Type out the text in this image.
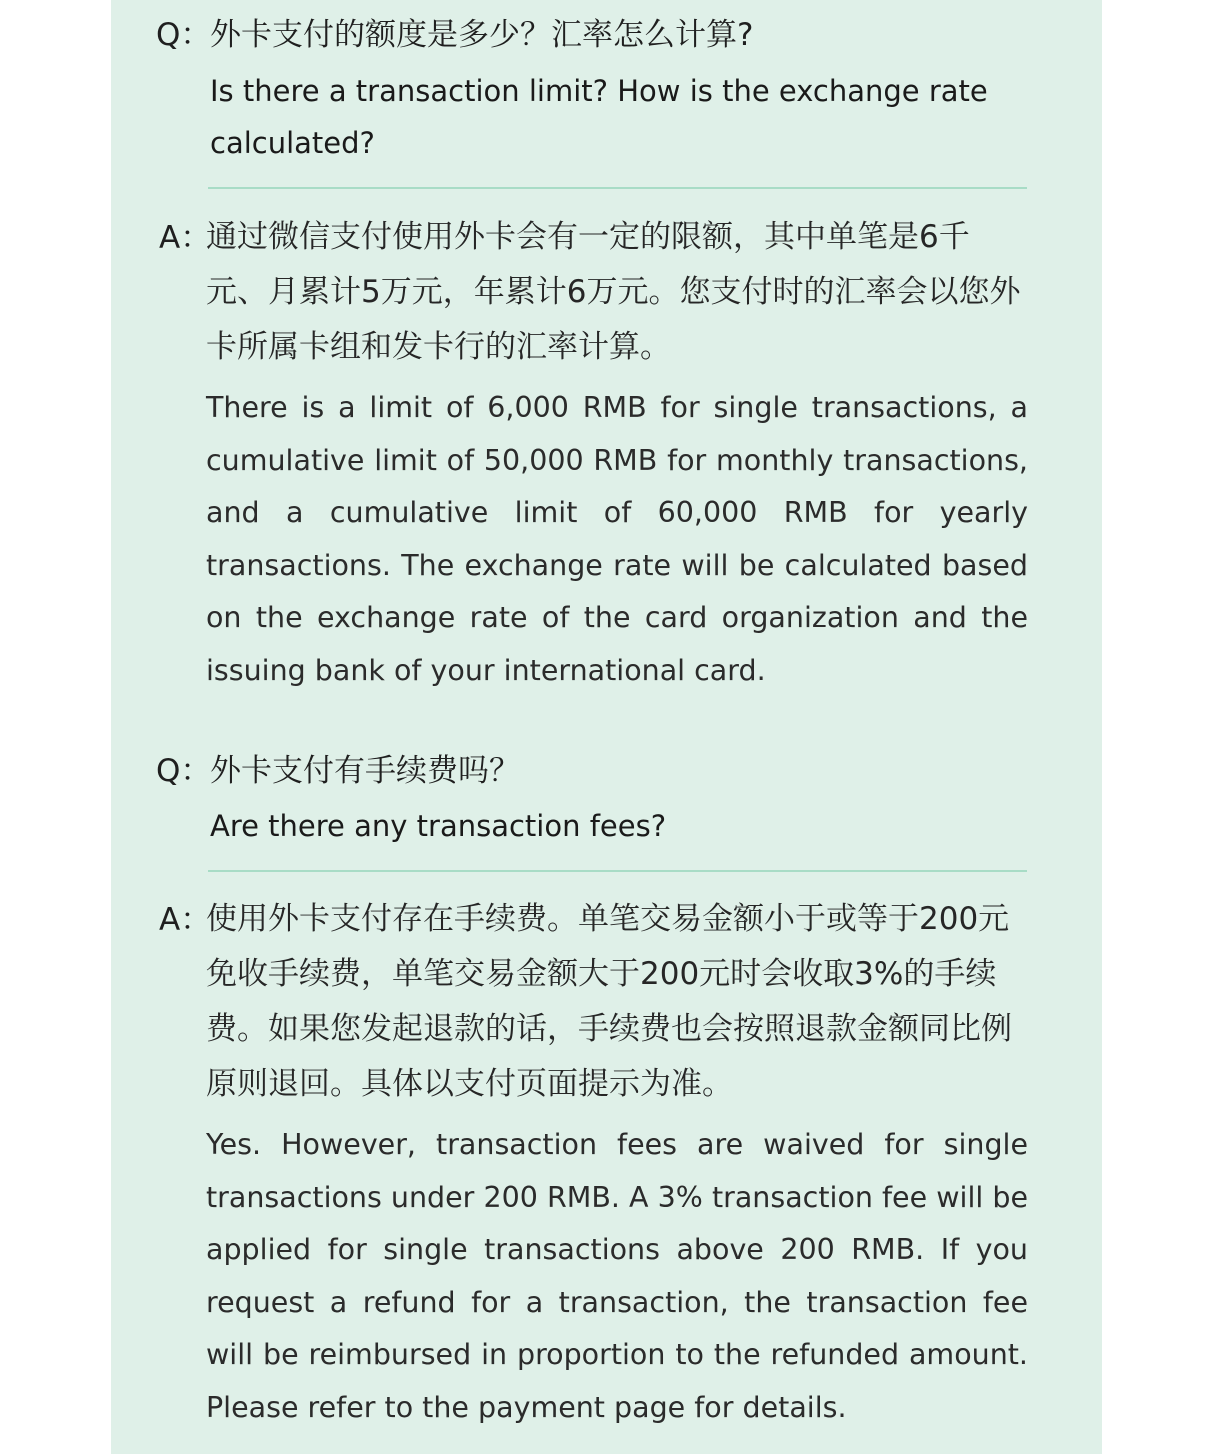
Q：
外卡支付的额度是多少？汇率怎么计算?
Is there a transaction limit? How is the exchange rate calculated?
A：
通过微信支付使用外卡会有一定的限额，其中单笔是6千元、月累计5万元，年累计6万元。您支付时的汇率会以您外卡所属卡组和发卡行的汇率计算。
There is a limit of 6,000 RMB for single transactions, a cumulative limit of 50,000 RMB for monthly transactions, and a cumulative limit of 60,000 RMB for yearly transactions. The exchange rate will be calculated based on the exchange rate of the card organization and the issuing bank of your international card.
Q：
外卡支付有手续费吗？
Are there any transaction fees?
A：
使用外卡支付存在手续费。单笔交易金额小于或等于200元免收手续费，单笔交易金额大于200元时会收取3%的手续费。如果您发起退款的话，手续费也会按照退款金额同比例原则退回。具体以支付页面提示为准。
Yes. However, transaction fees are waived for single transactions under 200 RMB. A 3% transaction fee will be applied for single transactions above 200 RMB. If you request a refund for a transaction, the transaction fee will be reimbursed in proportion to the refunded amount. Please refer to the payment page for details.
